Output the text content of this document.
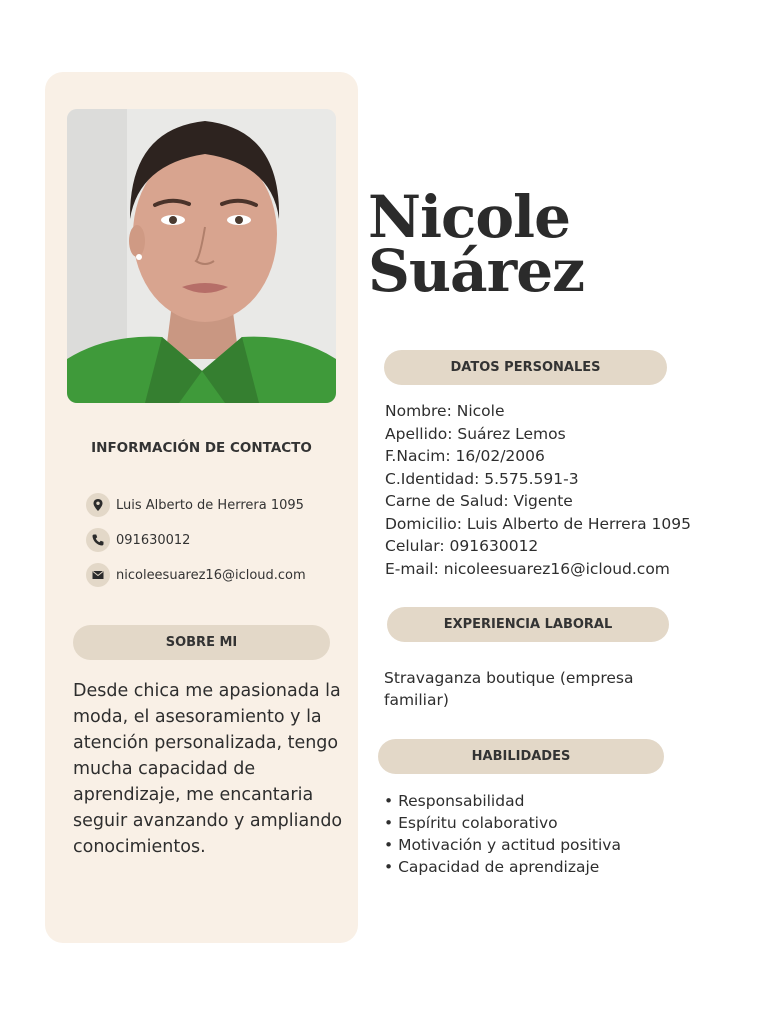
INFORMACIÓN DE CONTACTO
Luis Alberto de Herrera 1095
091630012
nicoleesuarez16@icloud.com
SOBRE MI
Desde chica me apasionada la moda, el asesoramiento y la atención personalizada, tengo mucha capacidad de aprendizaje, me encantaria seguir avanzando y ampliando conocimientos.
Nicole
Suárez
DATOS PERSONALES
Nombre: Nicole
Apellido: Suárez Lemos
F.Nacim: 16/02/2006
C.Identidad: 5.575.591-3
Carne de Salud: Vigente
Domicilio: Luis Alberto de Herrera 1095
Celular: 091630012
E-mail: nicoleesuarez16@icloud.com
EXPERIENCIA LABORAL
Stravaganza boutique (empresa familiar)
HABILIDADES
• Responsabilidad
• Espíritu colaborativo
• Motivación y actitud positiva
• Capacidad de aprendizaje
